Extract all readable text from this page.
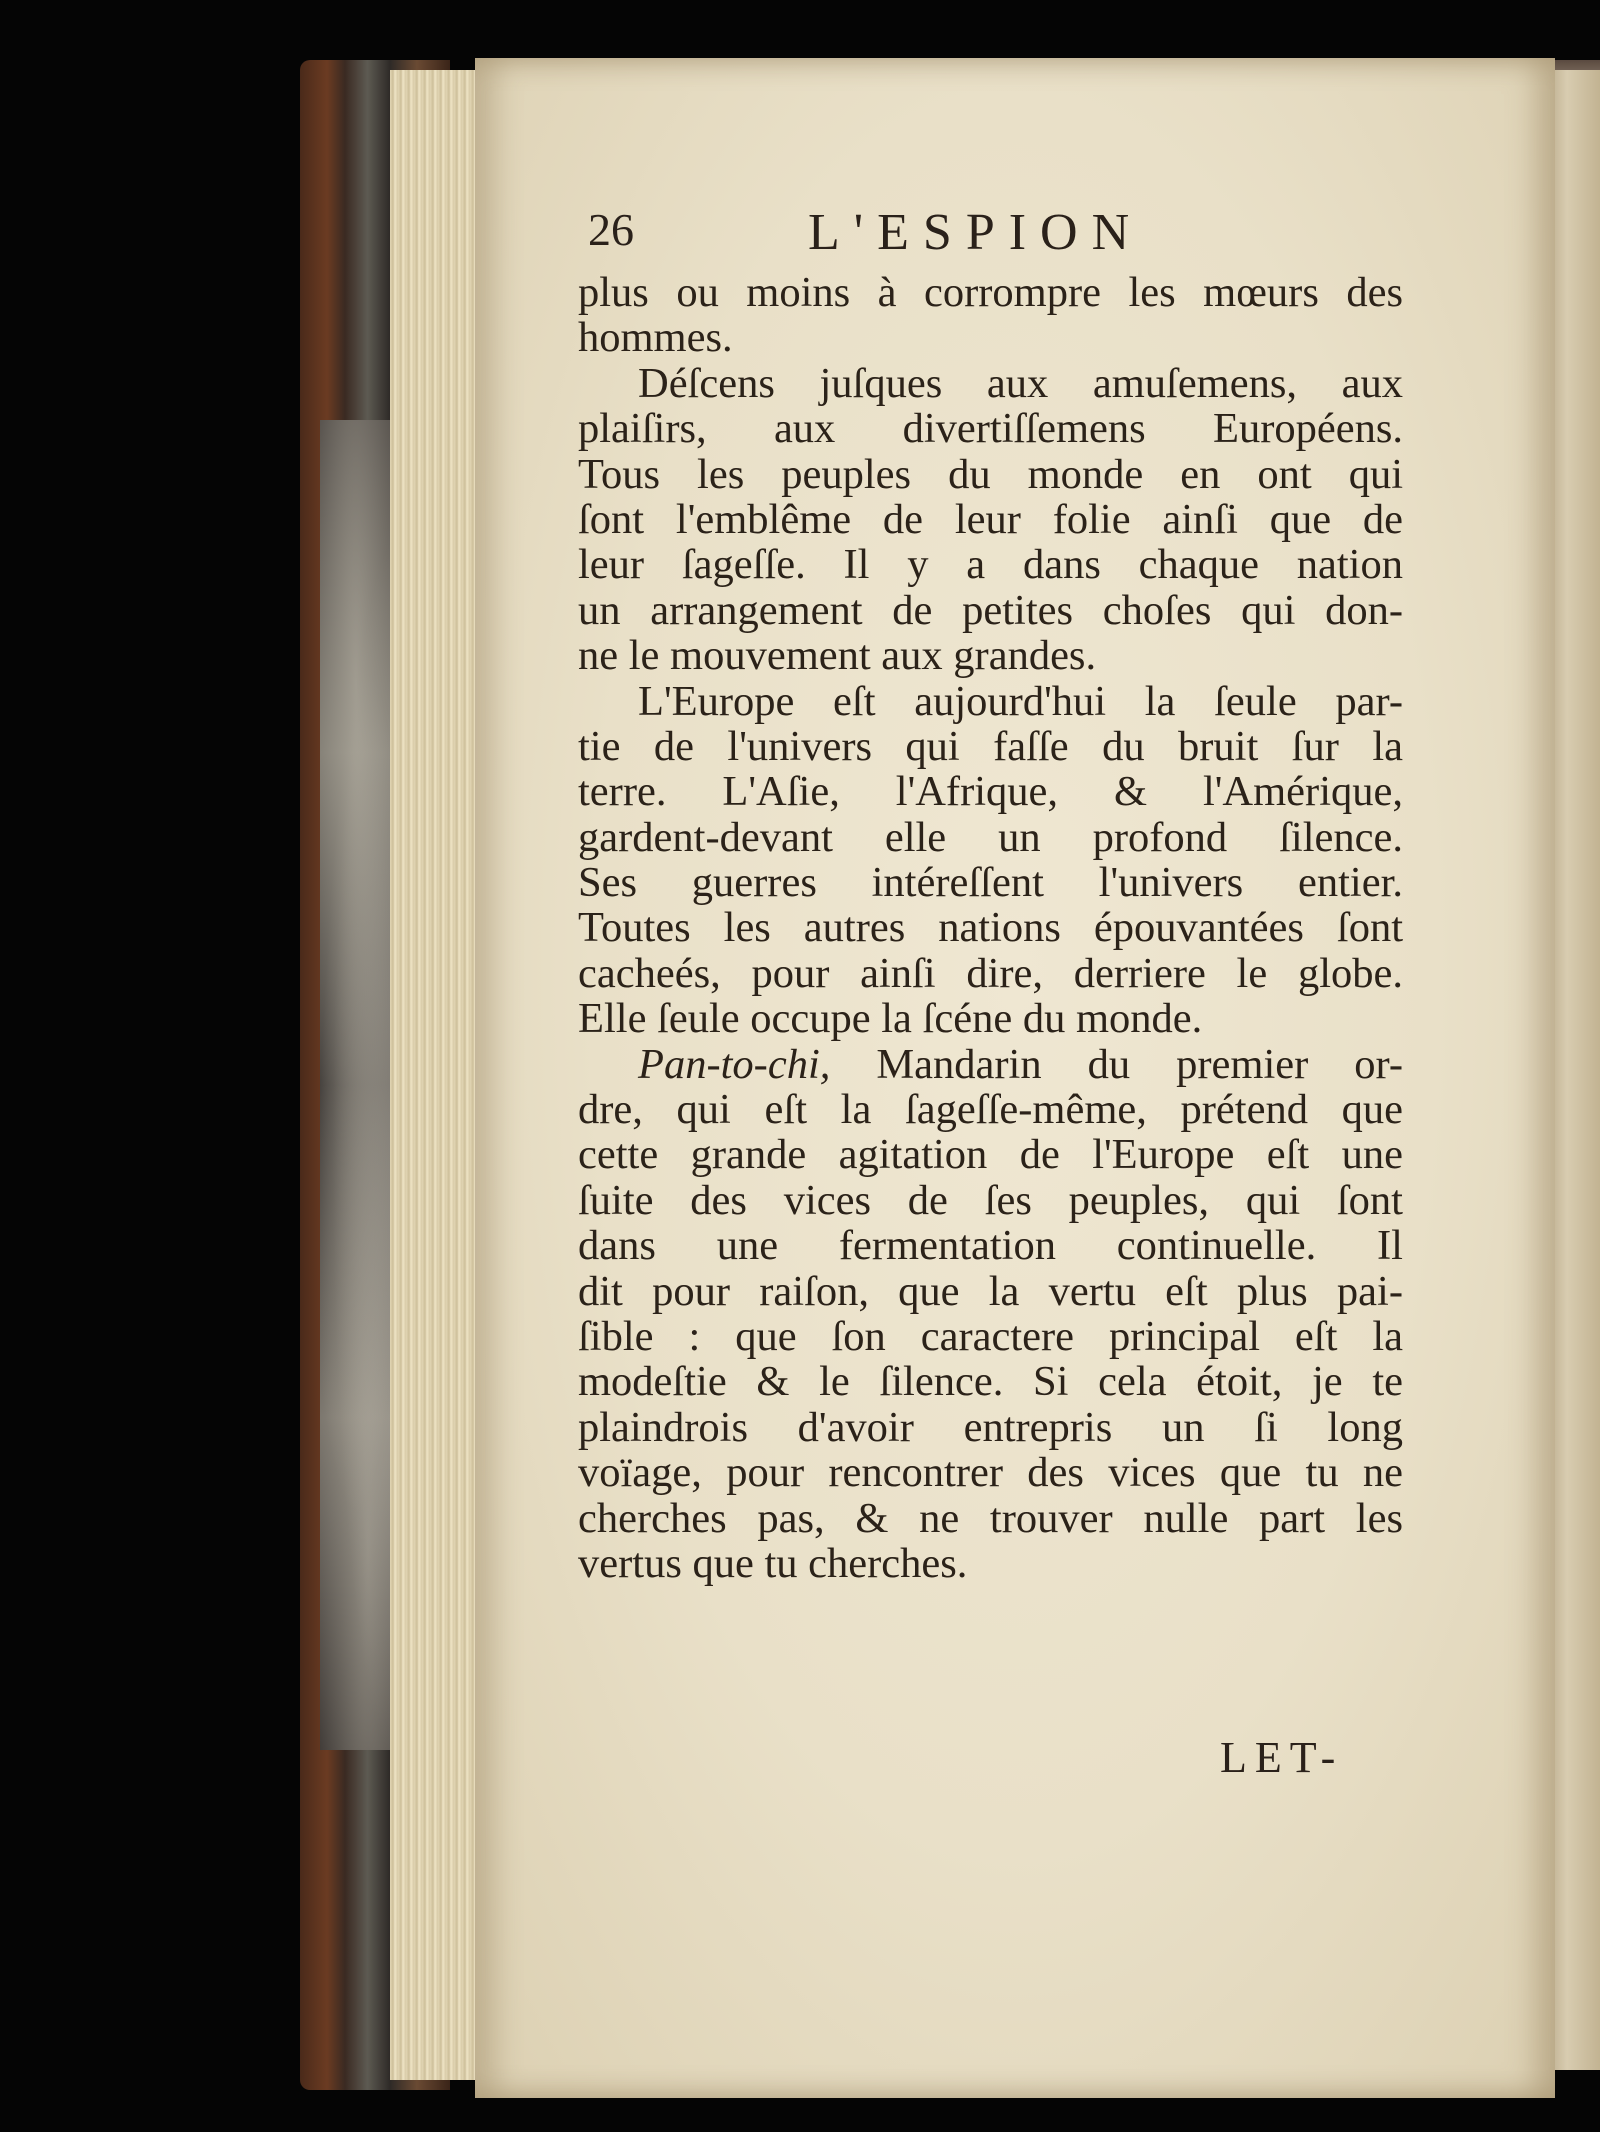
26	L'ESPION
plus ou moins à corrompre les mœurs des
hommes.
Déſcens juſques aux amuſemens, aux
plaiſirs, aux divertiſſemens Européens.
Tous les peuples du monde en ont qui
ſont l'emblême de leur folie ainſi que de
leur ſageſſe. Il y a dans chaque nation
un arrangement de petites choſes qui don-
ne le mouvement aux grandes.
L'Europe eſt aujourd'hui la ſeule par-
tie de l'univers qui faſſe du bruit ſur la
terre. L'Aſie, l'Afrique, & l'Amérique,
gardent-devant elle un profond ſilence.
Ses guerres intéreſſent l'univers entier.
Toutes les autres nations épouvantées ſont
cacheés, pour ainſi dire, derriere le globe.
Elle ſeule occupe la ſcéne du monde.
Pan-to-chi, Mandarin du premier or-
dre, qui eſt la ſageſſe-même, prétend que
cette grande agitation de l'Europe eſt une
ſuite des vices de ſes peuples, qui ſont
dans une fermentation continuelle. Il
dit pour raiſon, que la vertu eſt plus pai-
ſible : que ſon caractere principal eſt la
modeſtie & le ſilence. Si cela étoit, je te
plaindrois d'avoir entrepris un ſi long
voïage, pour rencontrer des vices que tu ne
cherches pas, & ne trouver nulle part les
vertus que tu cherches.
LET-
